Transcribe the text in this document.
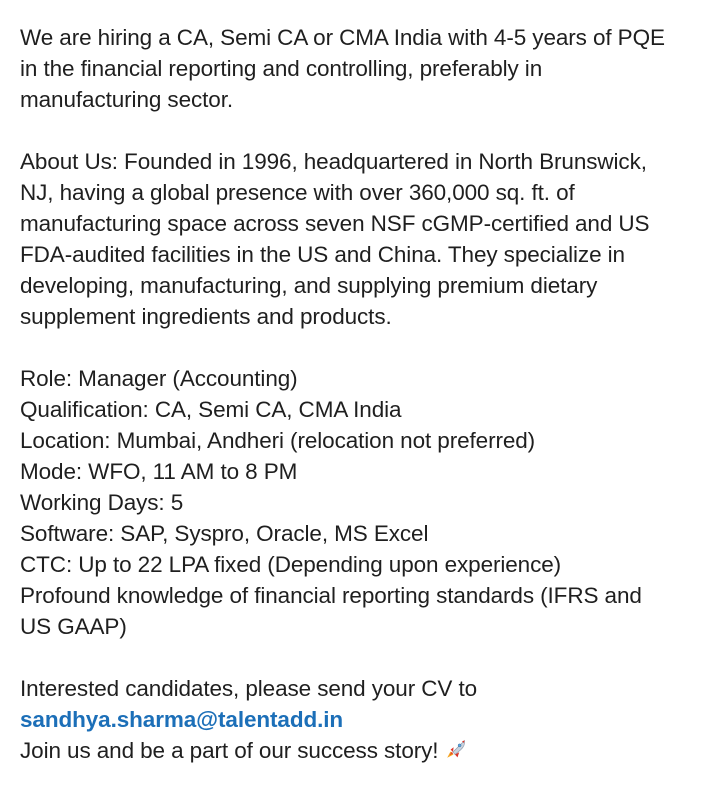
We are hiring a CA, Semi CA or CMA India with 4-5 years of PQE
in the financial reporting and controlling, preferably in
manufacturing sector.

About Us: Founded in 1996, headquartered in North Brunswick,
NJ, having a global presence with over 360,000 sq. ft. of
manufacturing space across seven NSF cGMP-certified and US
FDA-audited facilities in the US and China. They specialize in
developing, manufacturing, and supplying premium dietary
supplement ingredients and products.

Role: Manager (Accounting)
Qualification: CA, Semi CA, CMA India
Location: Mumbai, Andheri (relocation not preferred)
Mode: WFO, 11 AM to 8 PM
Working Days: 5
Software: SAP, Syspro, Oracle, MS Excel
CTC: Up to 22 LPA fixed (Depending upon experience)
Profound knowledge of financial reporting standards (IFRS and
US GAAP)

Interested candidates, please send your CV to
sandhya.sharma@talentadd.in
Join us and be a part of our success story!
